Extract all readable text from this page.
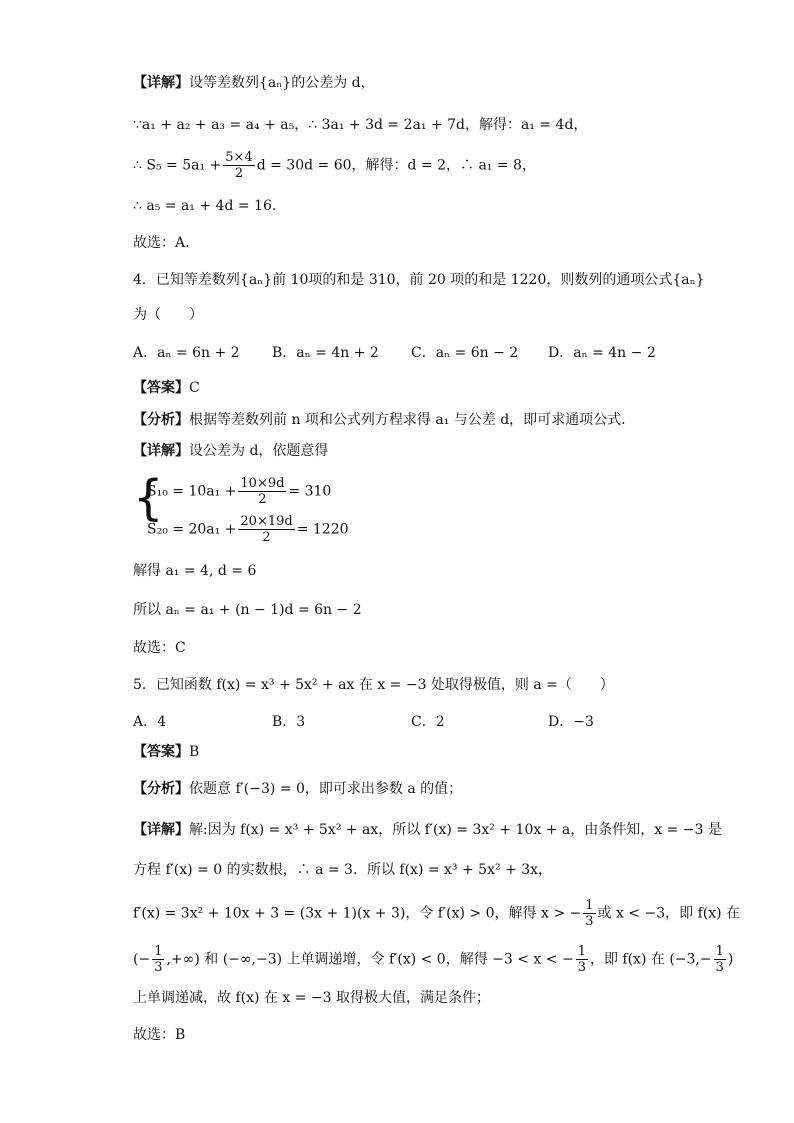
【详解】设等差数列{aₙ}的公差为 d，
∵a₁ + a₂ + a₃ = a₄ + a₅，∴ 3a₁ + 3d = 2a₁ + 7d，解得：a₁ = 4d，
∴ $S_5 = 5a_1 + \frac{5\times 4}{2}$ d = 30d = 60，解得：d = 2，∴ a₁ = 8，
∴ a₅ = a₁ + 4d = 16.
故选：A.
4．已知等差数列{aₙ}前 10项的和是 310，前 20 项的和是 1220，则数列的通项公式{aₙ}
为（　　）
A．aₙ = 6n + 2 B．aₙ = 4n + 2 C．aₙ = 6n − 2 D．aₙ = 4n − 2
【答案】C
【分析】根据等差数列前 n 项和公式列方程求得 a₁ 与公差 d，即可求通项公式.
【详解】设公差为 d，依题意得
{
$S_{10} = 10a_1 + \frac{10\times 9d}{2} = 310$
$S_{20} = 20a_1 + \frac{20\times 19d}{2} = 1220$
解得 a₁ = 4, d = 6
所以 aₙ = a₁ + (n − 1)d = 6n − 2
故选：C
5．已知函数 f(x) = x³ + 5x² + ax 在 x = −3 处取得极值，则 a =（　　）
A．4	B．3	C．2	D．−3
【答案】B
【分析】依题意 f′(−3) = 0，即可求出参数 a 的值；
【详解】解:因为 f(x) = x³ + 5x² + ax，所以 f′(x) = 3x² + 10x + a，由条件知，x = −3 是
方程 f′(x) = 0 的实数根，∴ a = 3．所以 f(x) = x³ + 5x² + 3x，
f′(x) = 3x² + 10x + 3 = (3x + 1)(x + 3)，令 f′(x) > 0，解得 x > − $\frac{1}{3}$ 或 x < −3，即 f(x) 在
(− $\frac{1}{3}$ ,+∞) 和 (−∞,−3) 上单调递增，令 f′(x) < 0，解得 −3 < x < − $\frac{1}{3}$ ，即 f(x) 在 ($-3,- \frac{1}{3}$ )
上单调递减，故 f(x) 在 x = −3 取得极大值，满足条件；
故选：B
